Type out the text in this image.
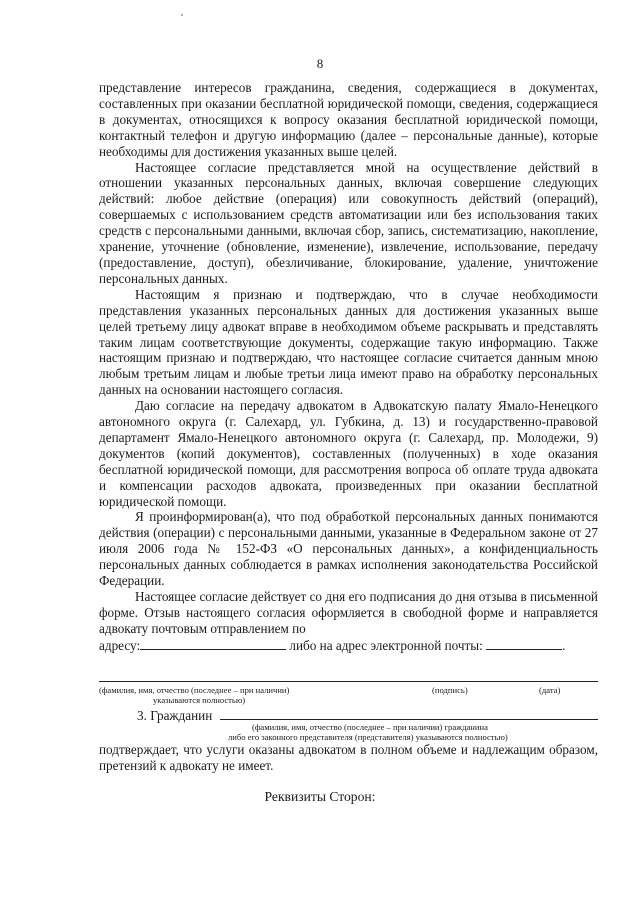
8

представление интересов гражданина, сведения, содержащиеся в документах, составленных при оказании бесплатной юридической помощи, сведения, содержащиеся в документах, относящихся к вопросу оказания бесплатной юридической помощи, контактный телефон и другую информацию (далее – персональные данные), которые необходимы для достижения указанных выше целей.

Настоящее согласие представляется мной на осуществление действий в отношении указанных персональных данных, включая совершение следующих действий: любое действие (операция) или совокупность действий (операций), совершаемых с использованием средств автоматизации или без использования таких средств с персональными данными, включая сбор, запись, систематизацию, накопление, хранение, уточнение (обновление, изменение), извлечение, использование, передачу (предоставление, доступ), обезличивание, блокирование, удаление, уничтожение персональных данных.

Настоящим я признаю и подтверждаю, что в случае необходимости представления указанных персональных данных для достижения указанных выше целей третьему лицу адвокат вправе в необходимом объеме раскрывать и представлять таким лицам соответствующие документы, содержащие такую информацию. Также настоящим признаю и подтверждаю, что настоящее согласие считается данным мною любым третьим лицам и любые третьи лица имеют право на обработку персональных данных на основании настоящего согласия.

Даю согласие на передачу адвокатом в Адвокатскую палату Ямало-Ненецкого автономного округа (г. Салехард, ул. Губкина, д. 13) и государственно-правовой департамент Ямало-Ненецкого автономного округа (г. Салехард, пр. Молодежи, 9) документов (копий документов), составленных (полученных) в ходе оказания бесплатной юридической помощи, для рассмотрения вопроса об оплате труда адвоката и компенсации расходов адвоката, произведенных при оказании бесплатной юридической помощи.

Я проинформирован(а), что под обработкой персональных данных понимаются действия (операции) с персональными данными, указанные в Федеральном законе от 27 июля 2006 года № 152-ФЗ «О персональных данных», а конфиденциальность персональных данных соблюдается в рамках исполнения законодательства Российской Федерации.

Настоящее согласие действует со дня его подписания до дня отзыва в письменной форме. Отзыв настоящего согласия оформляется в свободной форме и направляется адвокату почтовым отправлением по

адресу:	либо на адрес электронной почты:	.
(фамилия, имя, отчество (последнее – при наличии)
указываются полностью)
(подпись)	(дата)
3. Гражданин
(фамилия, имя, отчество (последнее – при наличии) гражданина
либо его законного представителя (представителя) указываются полностью)
подтверждает, что услуги оказаны адвокатом в полном объеме и надлежащим образом, претензий к адвокату не имеет.
Реквизиты Сторон:
